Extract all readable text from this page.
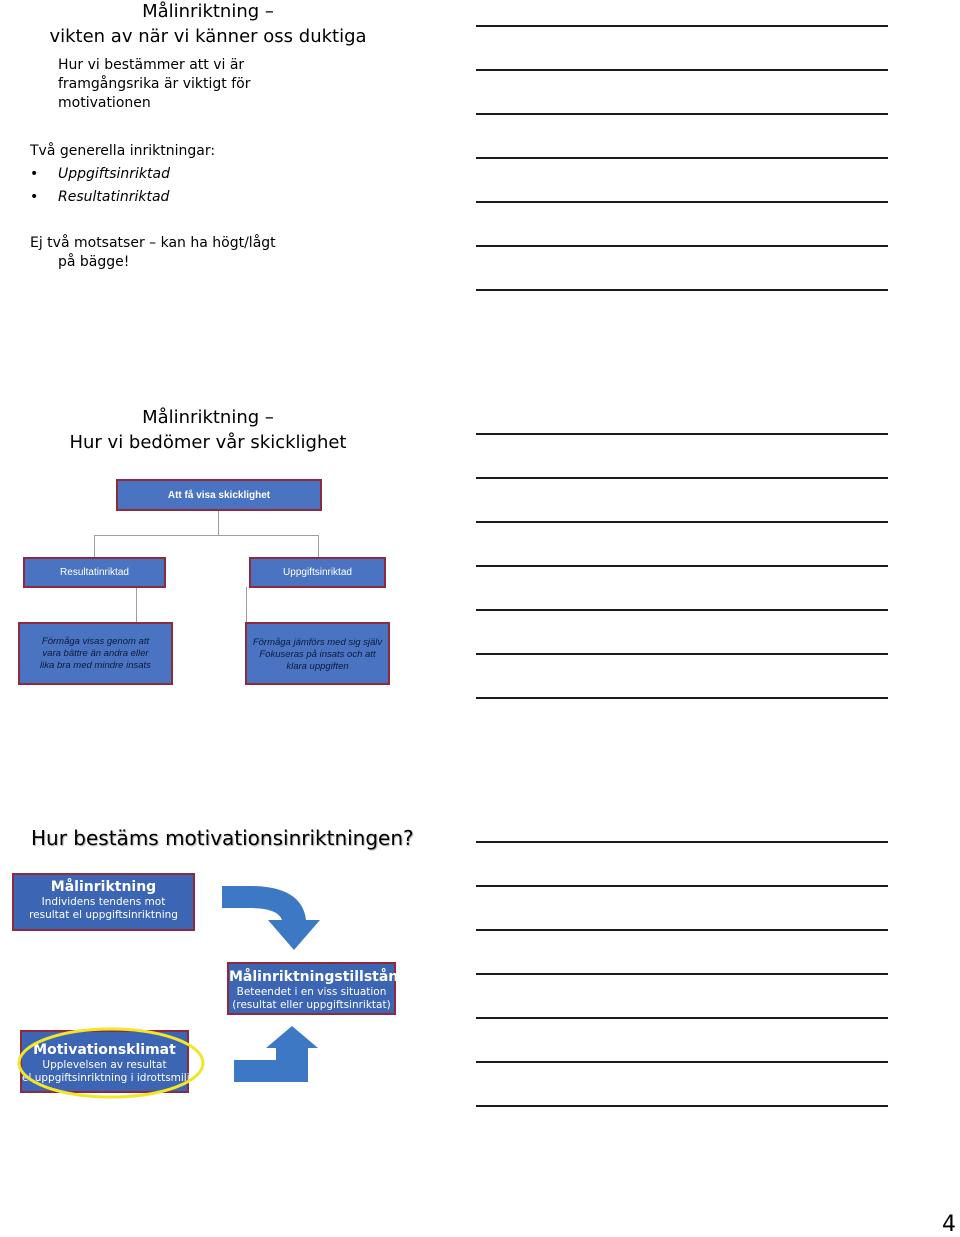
Målinriktning –
vikten av när vi känner oss duktiga
Hur vi bestämmer att vi är
framgångsrika är viktigt för
motivationen
Två generella inriktningar:
• Uppgiftsinriktad
• Resultatinriktad
Ej två motsatser – kan ha högt/lågt
på bägge!
Målinriktning –
Hur vi bedömer vår skicklighet
Att få visa skicklighet
Resultatinriktad	Uppgiftsinriktad
Förmåga visas genom att
vara bättre än andra eller
lika bra med mindre insats
Förmåga jämförs med sig själv
Fokuseras på insats och att
klara uppgiften
Hur bestäms motivationsinriktningen?
Målinriktning
Individens tendens mot
resultat el uppgiftsinriktning
Målinriktningstillstånd
Beteendet i en viss situation
(resultat eller uppgiftsinriktat)
Motivationsklimat
Upplevelsen av resultat
el uppgiftsinriktning i idrottsmiljön
4
